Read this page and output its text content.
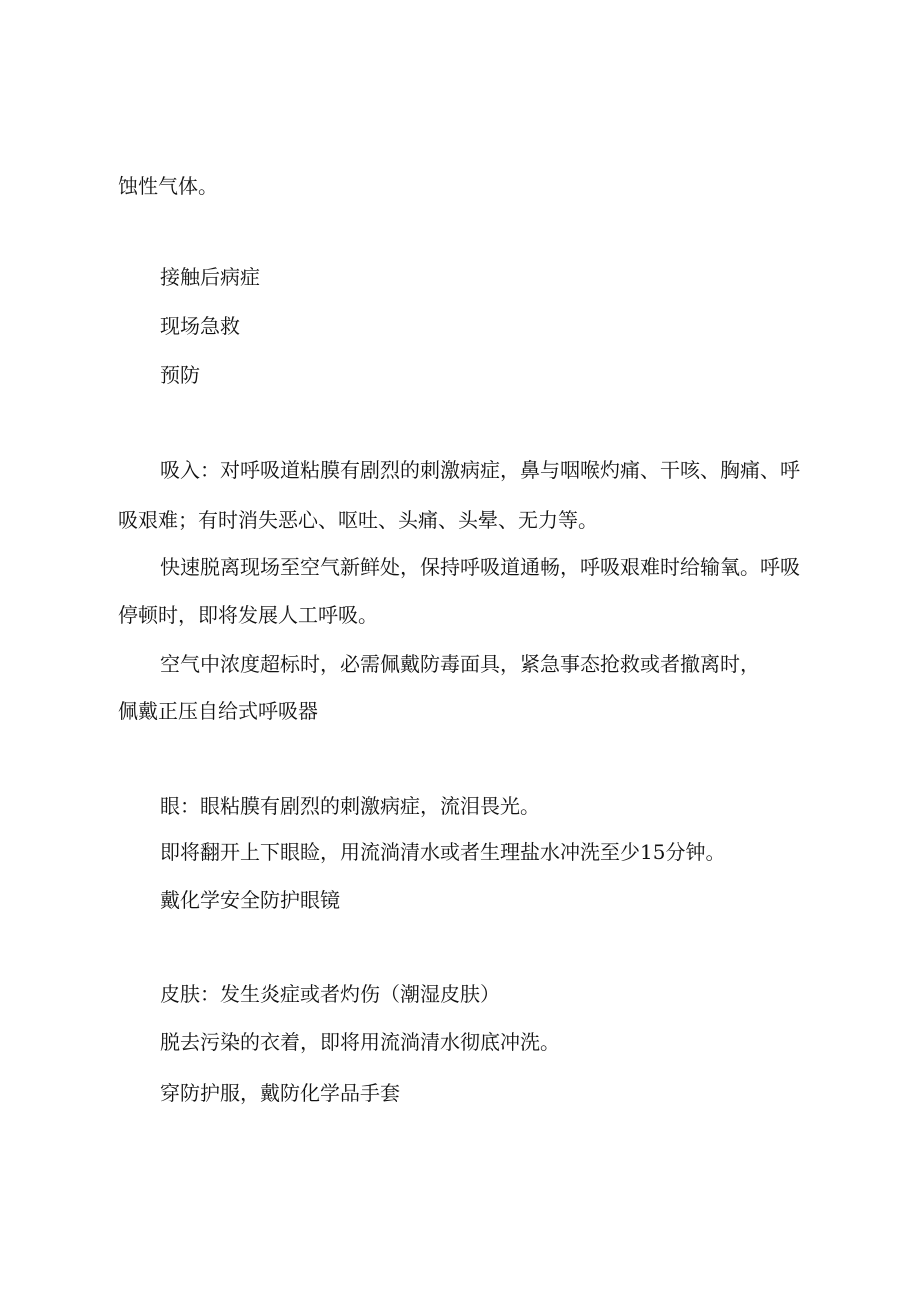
蚀性气体。

接触后病症

现场急救

预防

吸入：对呼吸道粘膜有剧烈的刺激病症，鼻与咽喉灼痛、干咳、胸痛、呼

吸艰难；有时消失恶心、呕吐、头痛、头晕、无力等。

快速脱离现场至空气新鲜处，保持呼吸道通畅，呼吸艰难时给输氧。呼吸

停顿时，即将发展人工呼吸。

空气中浓度超标时，必需佩戴防毒面具，紧急事态抢救或者撤离时，

佩戴正压自给式呼吸器

眼：眼粘膜有剧烈的刺激病症，流泪畏光。

即将翻开上下眼睑，用流淌清水或者生理盐水冲洗至少15分钟。

戴化学安全防护眼镜

皮肤：发生炎症或者灼伤（潮湿皮肤）

脱去污染的衣着，即将用流淌清水彻底冲洗。

穿防护服，戴防化学品手套
